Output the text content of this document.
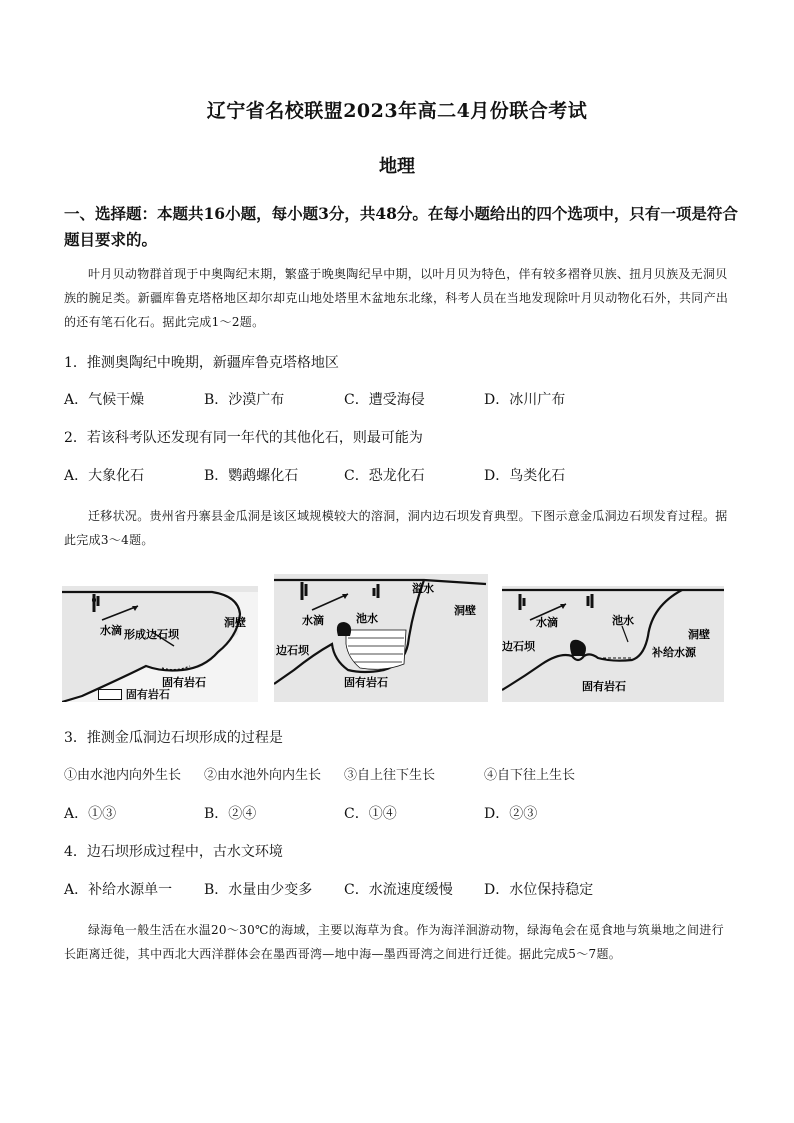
辽宁省名校联盟2023年高二4月份联合考试
地理
一、选择题：本题共16小题，每小题3分，共48分。在每小题给出的四个选项中，只有一项是符合题目要求的。
叶月贝动物群首现于中奥陶纪末期，繁盛于晚奥陶纪早中期，以叶月贝为特色，伴有较多褶脊贝族、扭月贝族及无洞贝族的腕足类。新疆库鲁克塔格地区却尔却克山地处塔里木盆地东北缘，科考人员在当地发现除叶月贝动物化石外，共同产出的还有笔石化石。据此完成1～2题。
1．推测奥陶纪中晚期，新疆库鲁克塔格地区
A．气候干燥	B．沙漠广布	C．遭受海侵	D．冰川广布
2．若该科考队还发现有同一年代的其他化石，则最可能为
A．大象化石	B．鹦鹉螺化石	C．恐龙化石	D．鸟类化石
迁移状况。贵州省丹寨县金瓜洞是该区域规模较大的溶洞，洞内边石坝发育典型。下图示意金瓜洞边石坝发育过程。据此完成3～4题。
水滴
洞壁
形成边石坝
固有岩石
水滴	池水
溢水
洞壁
边石坝
固有岩石
水滴	池水
洞壁
边石坝	补给水源
固有岩石
固有岩石
3．推测金瓜洞边石坝形成的过程是
①由水池内向外生长	②由水池外向内生长	③自上往下生长	④自下往上生长
A．①③	B．②④	C．①④	D．②③
4．边石坝形成过程中，古水文环境
A．补给水源单一	B．水量由少变多	C．水流速度缓慢	D．水位保持稳定
绿海龟一般生活在水温20～30℃的海域，主要以海草为食。作为海洋洄游动物，绿海龟会在觅食地与筑巢地之间进行长距离迁徙，其中西北大西洋群体会在墨西哥湾—地中海—墨西哥湾之间进行迁徙。据此完成5～7题。
